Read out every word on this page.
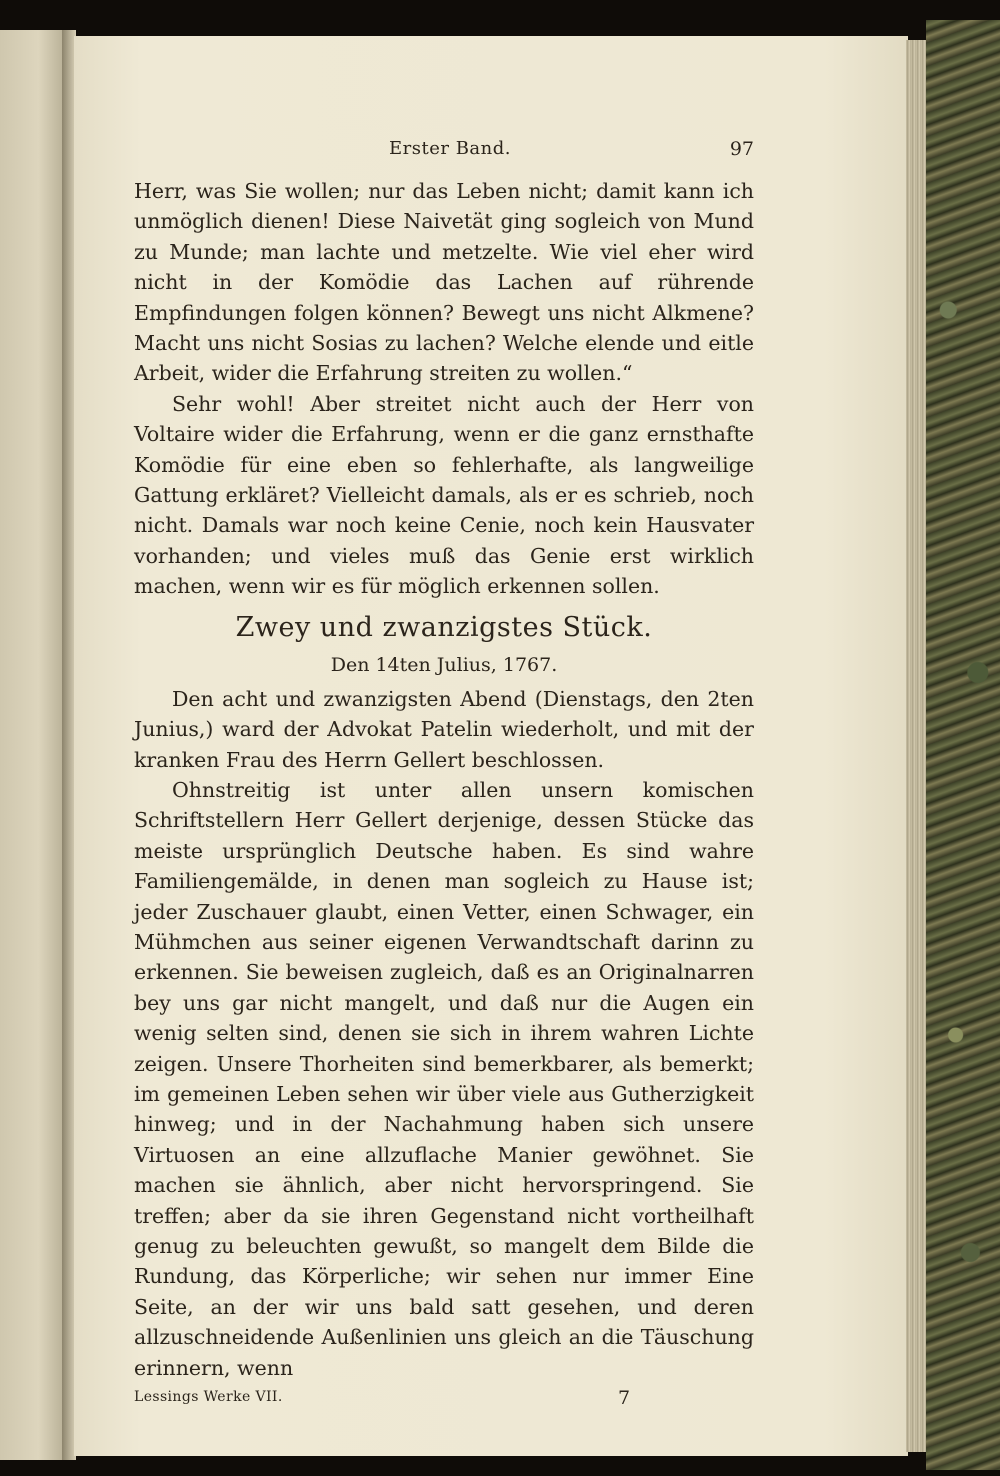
Erster Band.	97

Herr, was Sie wollen; nur das Leben nicht; damit kann ich unmöglich dienen! Diese Naivetät ging sogleich von Mund zu Munde; man lachte und metzelte. Wie viel eher wird nicht in der Komödie das Lachen auf rührende Empfindungen folgen können? Bewegt uns nicht Alkmene? Macht uns nicht Sosias zu lachen? Welche elende und eitle Arbeit, wider die Erfahrung streiten zu wollen.“

Sehr wohl! Aber streitet nicht auch der Herr von Voltaire wider die Erfahrung, wenn er die ganz ernsthafte Komödie für eine eben so fehlerhafte, als langweilige Gattung erkläret? Vielleicht damals, als er es schrieb, noch nicht. Damals war noch keine Cenie, noch kein Hausvater vorhanden; und vieles muß das Genie erst wirklich machen, wenn wir es für möglich erkennen sollen.

Zwey und zwanzigstes Stück.
Den 14ten Julius, 1767.

Den acht und zwanzigsten Abend (Dienstags, den 2ten Junius,) ward der Advokat Patelin wiederholt, und mit der kranken Frau des Herrn Gellert beschlossen.

Ohnstreitig ist unter allen unsern komischen Schriftstellern Herr Gellert derjenige, dessen Stücke das meiste ursprünglich Deutsche haben. Es sind wahre Familiengemälde, in denen man sogleich zu Hause ist; jeder Zuschauer glaubt, einen Vetter, einen Schwager, ein Mühmchen aus seiner eigenen Verwandtschaft darinn zu erkennen. Sie beweisen zugleich, daß es an Originalnarren bey uns gar nicht mangelt, und daß nur die Augen ein wenig selten sind, denen sie sich in ihrem wahren Lichte zeigen. Unsere Thorheiten sind bemerkbarer, als bemerkt; im gemeinen Leben sehen wir über viele aus Gutherzigkeit hinweg; und in der Nachahmung haben sich unsere Virtuosen an eine allzuflache Manier gewöhnet. Sie machen sie ähnlich, aber nicht hervorspringend. Sie treffen; aber da sie ihren Gegenstand nicht vortheilhaft genug zu beleuchten gewußt, so mangelt dem Bilde die Rundung, das Körperliche; wir sehen nur immer Eine Seite, an der wir uns bald satt gesehen, und deren allzuschneidende Außenlinien uns gleich an die Täuschung erinnern, wenn

Lessings Werke VII.	7
